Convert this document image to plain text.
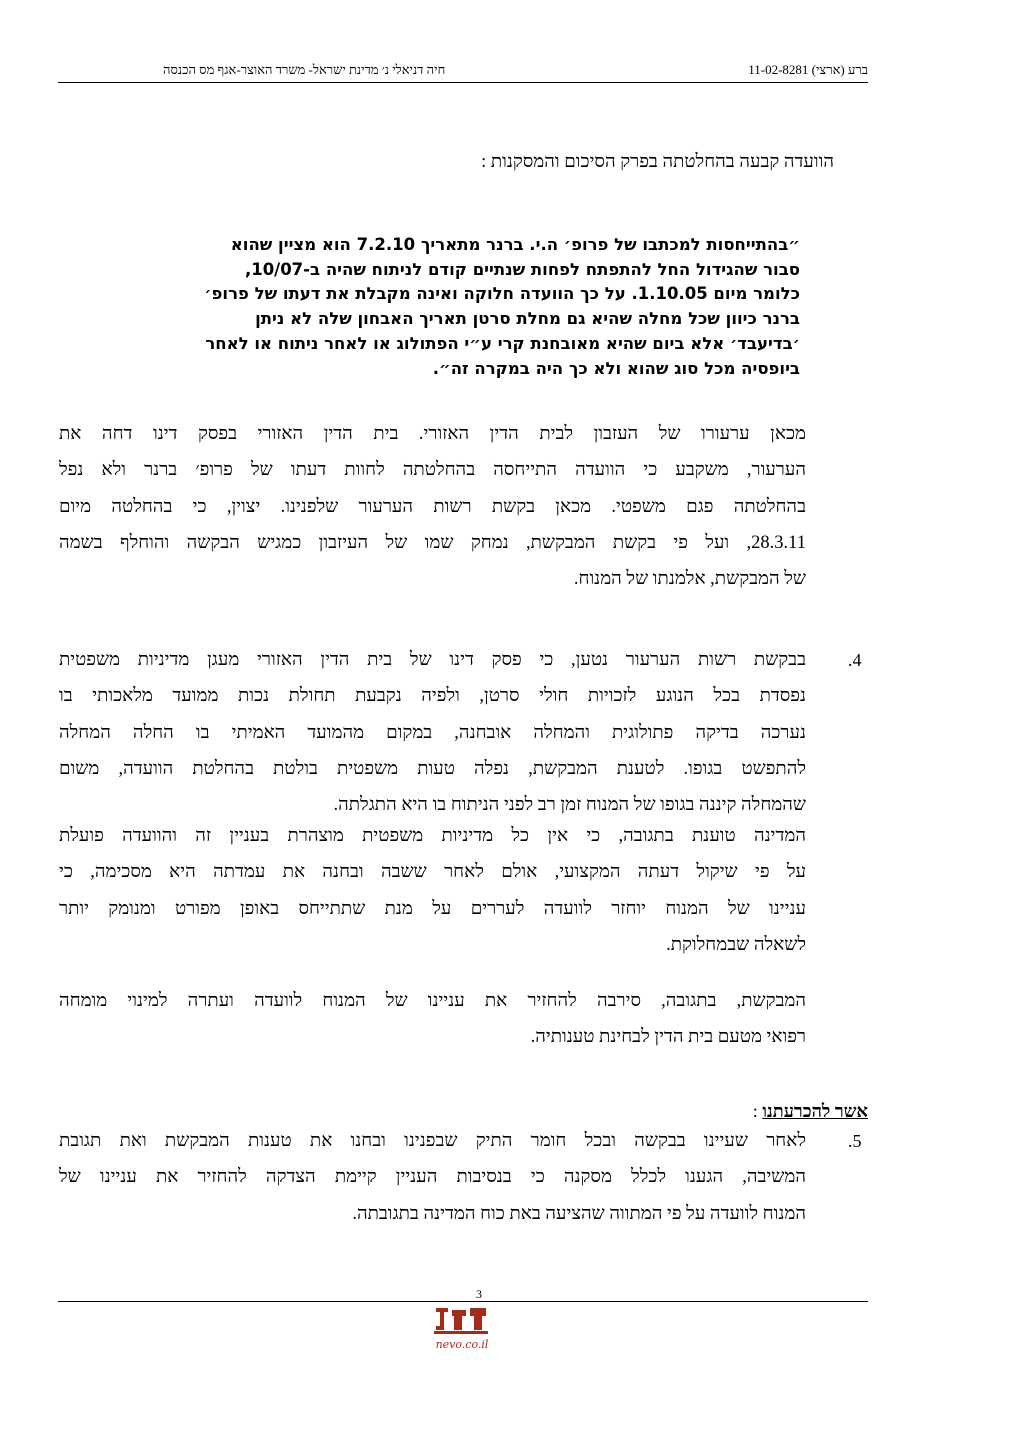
ברע (ארצי) 11-02-8281
חיה דניאלי נ׳ מדינת ישראל- משרד האוצר-אגף מס הכנסה
הוועדה קבעה בהחלטתה בפרק הסיכום והמסקנות :
״בהתייחסות למכתבו של פרופ׳ ה.י. ברנר מתאריך 7.2.10 הוא מציין שהוא
סבור שהגידול החל להתפתח לפחות שנתיים קודם לניתוח שהיה ב-10/07,
כלומר מיום 1.10.05. על כך הוועדה חלוקה ואינה מקבלת את דעתו של פרופ׳
ברנר כיוון שכל מחלה שהיא גם מחלת סרטן תאריך האבחון שלה לא ניתן
׳בדיעבד׳ אלא ביום שהיא מאובחנת קרי ע״י הפתולוג או לאחר ניתוח או לאחר
ביופסיה מכל סוג שהוא ולא כך היה במקרה זה״.
מכאן ערעורו של העזבון לבית הדין האזורי. בית הדין האזורי בפסק דינו דחה את
הערעור, משקבע כי הוועדה התייחסה בהחלטתה לחוות דעתו של פרופ׳ ברנר ולא נפל
בהחלטתה פגם משפטי. מכאן בקשת רשות הערעור שלפנינו. יצוין, כי בהחלטה מיום
28.3.11, ועל פי בקשת המבקשת, נמחק שמו של העיזבון כמגיש הבקשה והוחלף בשמה
של המבקשת, אלמנתו של המנוח.
4.
בבקשת רשות הערעור נטען, כי פסק דינו של בית הדין האזורי מעגן מדיניות משפטית
נפסדת בכל הנוגע לזכויות חולי סרטן, ולפיה נקבעת תחולת נכות ממועד מלאכותי בו
נערכה בדיקה פתולוגית והמחלה אובחנה, במקום מהמועד האמיתי בו החלה המחלה
להתפשט בגופו. לטענת המבקשת, נפלה טעות משפטית בולטת בהחלטת הוועדה, משום
שהמחלה קיננה בגופו של המנוח זמן רב לפני הניתוח בו היא התגלתה.
המדינה טוענת בתגובה, כי אין כל מדיניות משפטית מוצהרת בעניין זה והוועדה פועלת
על פי שיקול דעתה המקצועי, אולם לאחר ששבה ובחנה את עמדתה היא מסכימה, כי
עניינו של המנוח יוחזר לוועדה לעררים על מנת שתתייחס באופן מפורט ומנומק יותר
לשאלה שבמחלוקת.
המבקשת, בתגובה, סירבה להחזיר את עניינו של המנוח לוועדה ועתרה למינוי מומחה
רפואי מטעם בית הדין לבחינת טענותיה.
אשר להכרעתנו :
5.
לאחר שעיינו בבקשה ובכל חומר התיק שבפנינו ובחנו את טענות המבקשת ואת תגובת
המשיבה, הגענו לכלל מסקנה כי בנסיבות העניין קיימת הצדקה להחזיר את עניינו של
המנוח לוועדה על פי המתווה שהציעה באת כוח המדינה בתגובתה.
3
nevo.co.il
